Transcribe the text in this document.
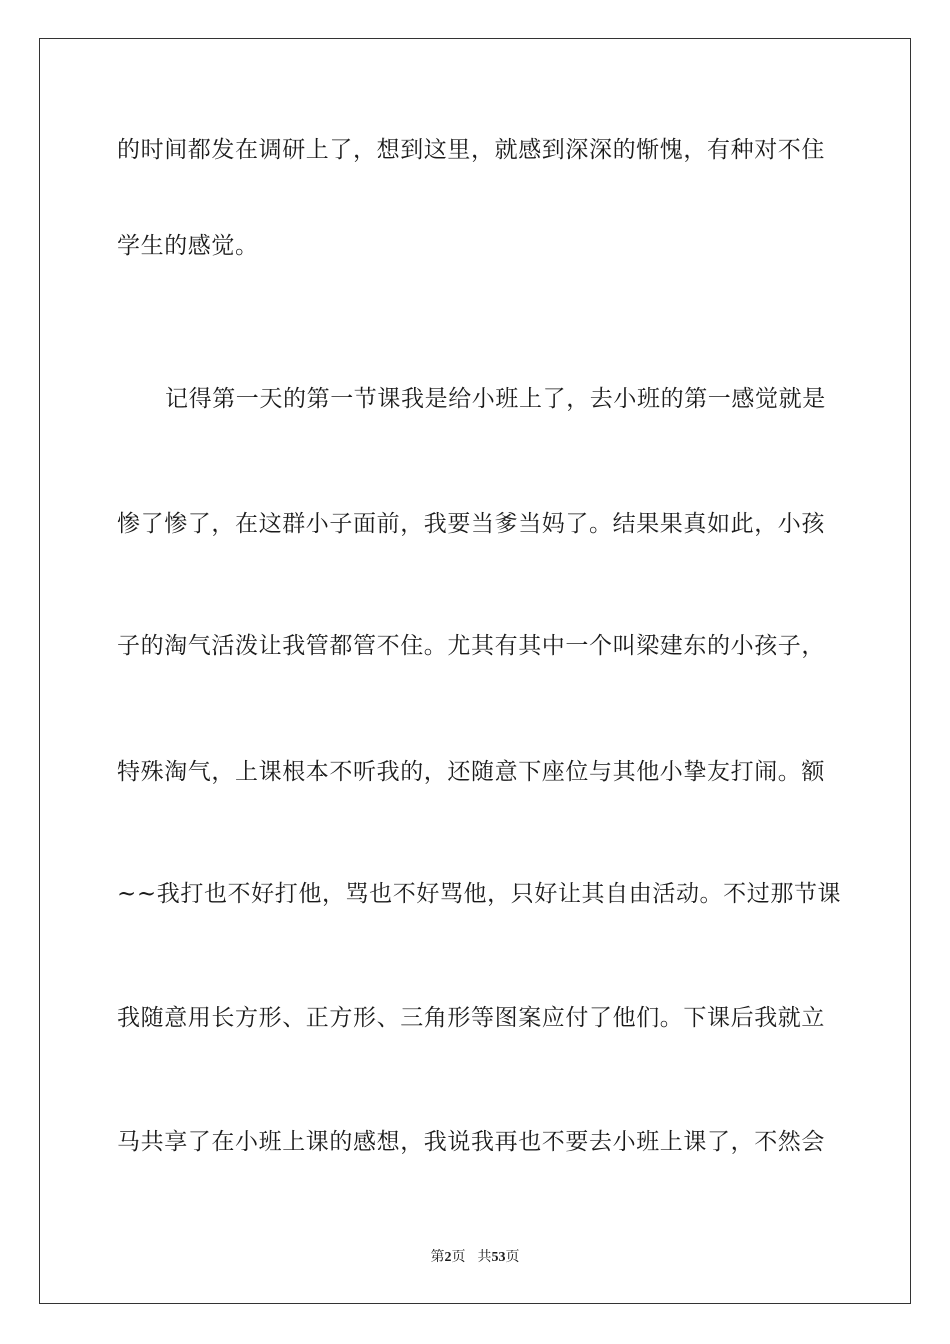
的时间都发在调研上了，想到这里，就感到深深的惭愧，有种对不住
学生的感觉。
记得第一天的第一节课我是给小班上了，去小班的第一感觉就是
惨了惨了，在这群小子面前，我要当爹当妈了。结果果真如此，小孩
子的淘气活泼让我管都管不住。尤其有其中一个叫梁建东的小孩子，
特殊淘气，上课根本不听我的，还随意下座位与其他小挚友打闹。额
~~我打也不好打他，骂也不好骂他，只好让其自由活动。不过那节课
我随意用长方形、正方形、三角形等图案应付了他们。下课后我就立
马共享了在小班上课的感想，我说我再也不要去小班上课了，不然会
第2页 共53页
